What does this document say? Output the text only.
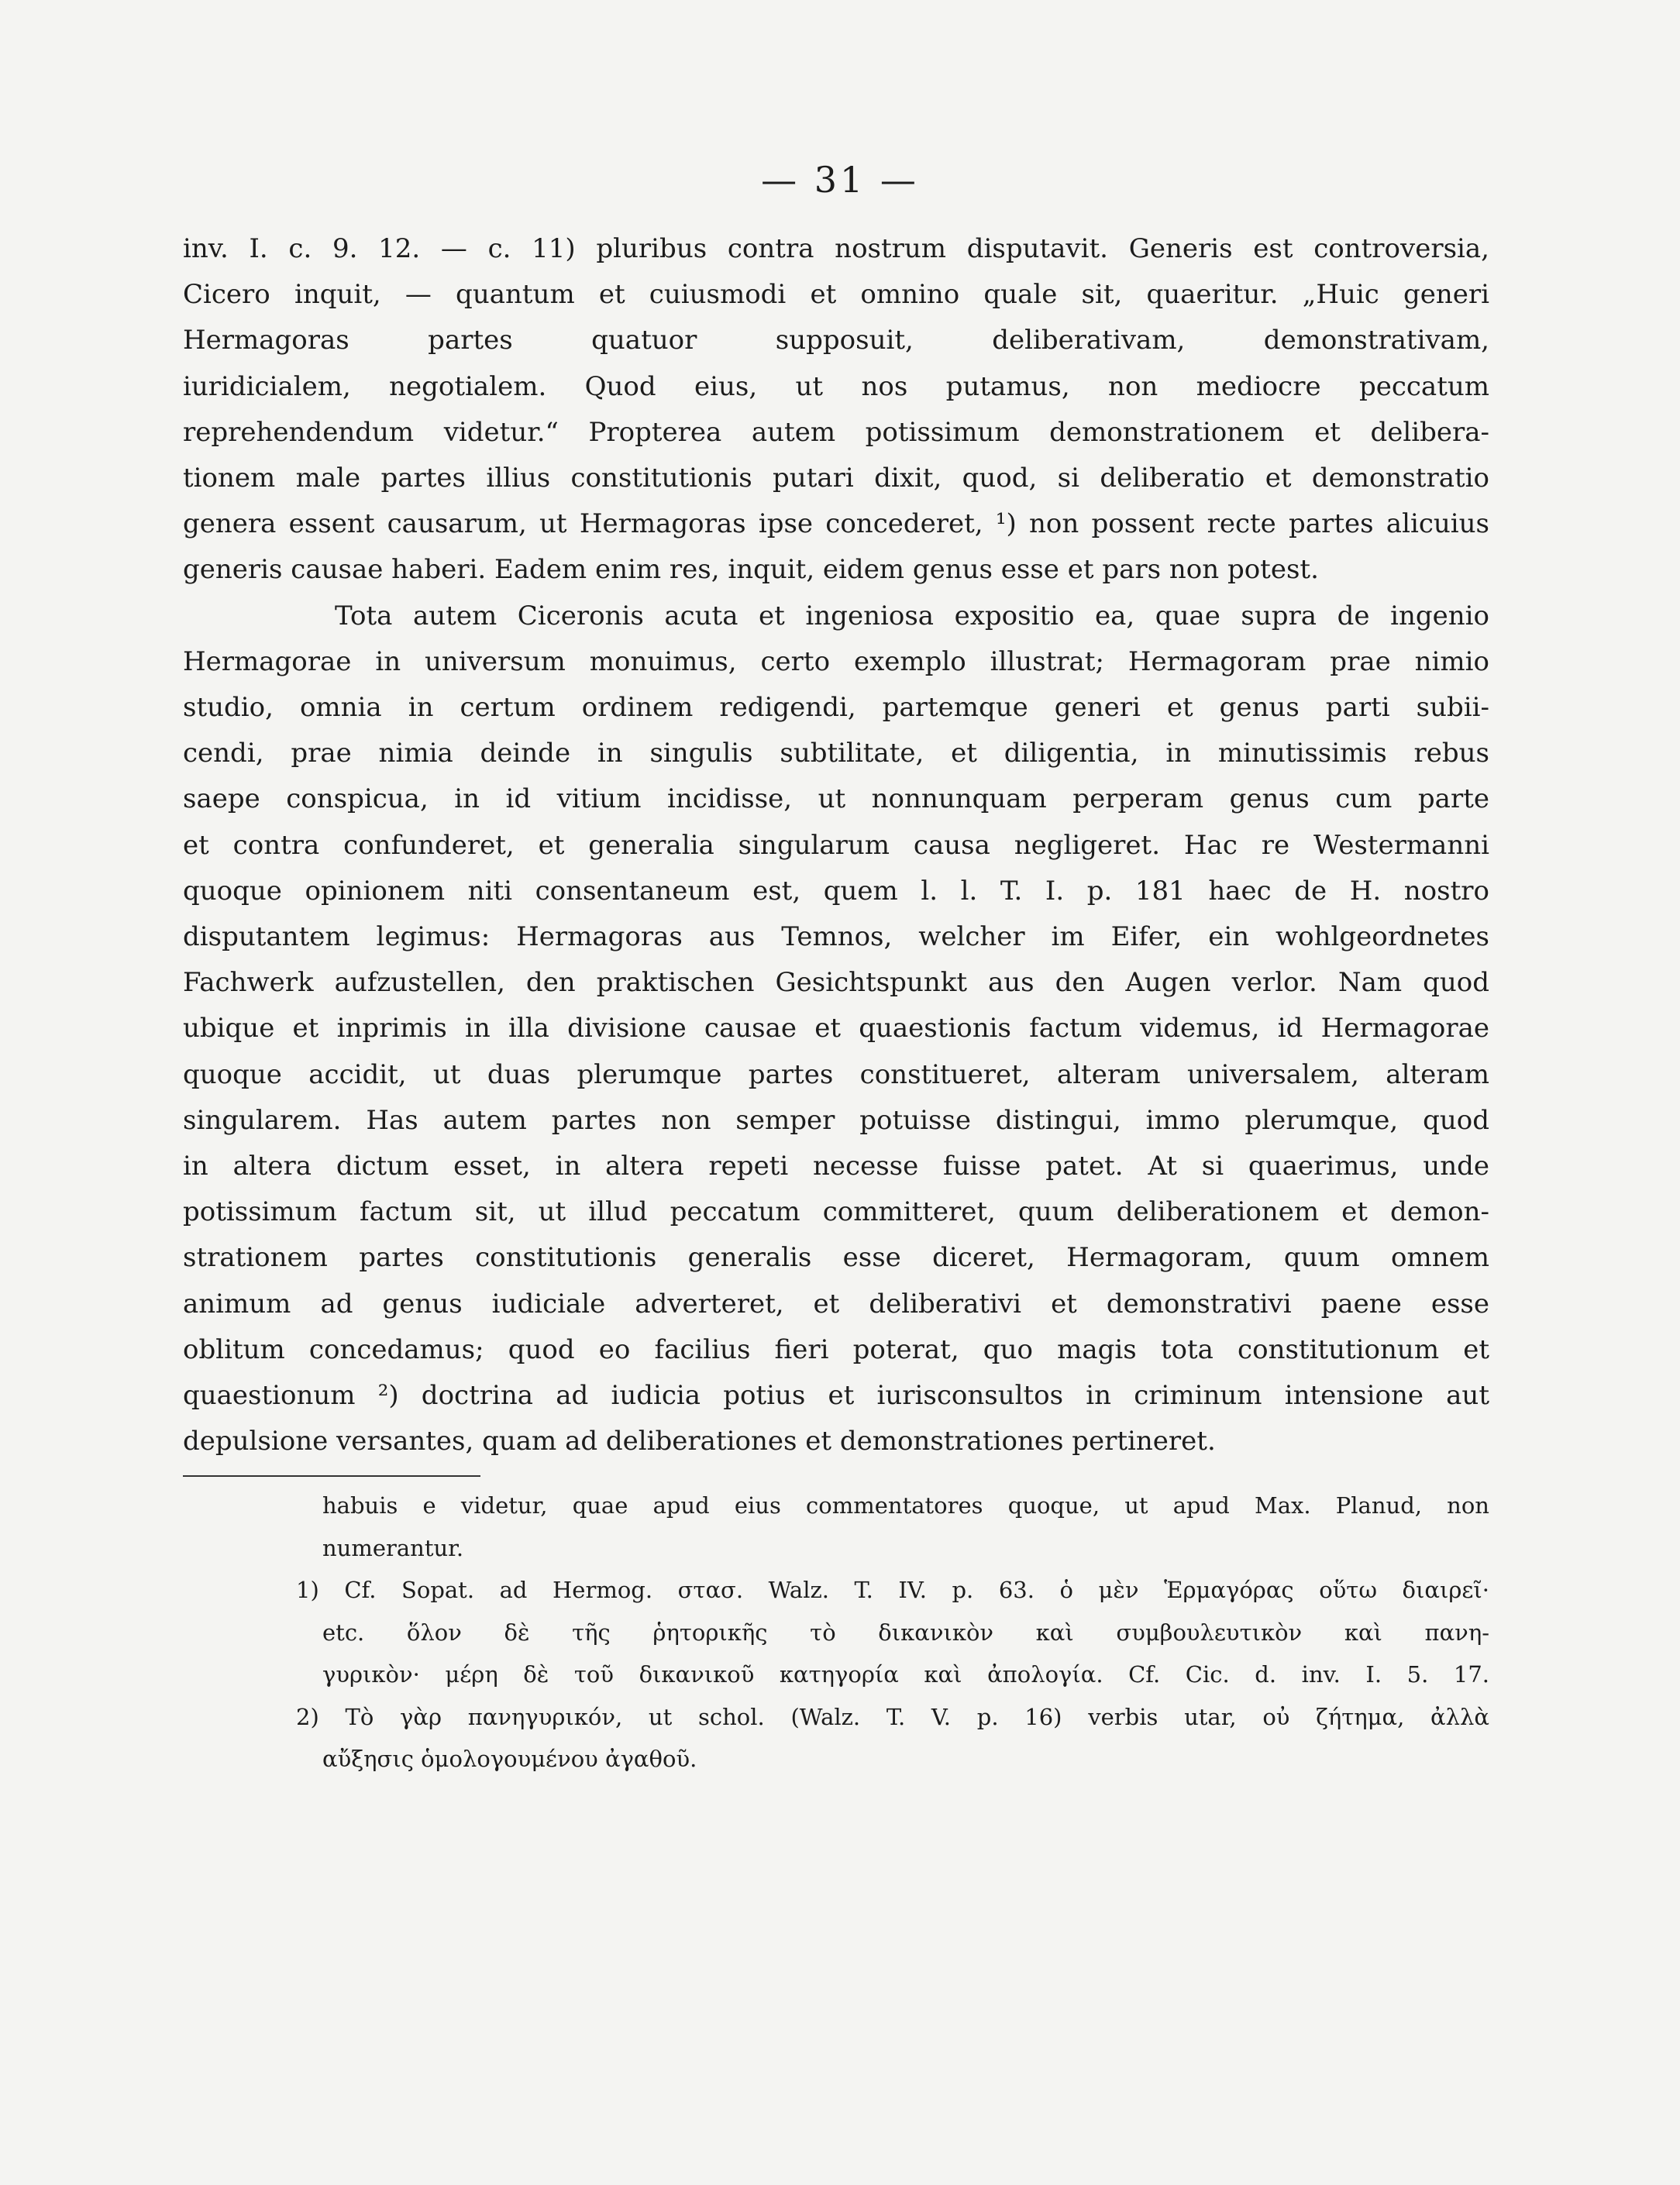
— 31 —
inv. I. c. 9. 12. — c. 11) pluribus contra nostrum disputavit. Generis est controversia,
Cicero inquit, — quantum et cuiusmodi et omnino quale sit, quaeritur. „Huic generi
Hermagoras partes quatuor supposuit, deliberativam, demonstrativam,
iuridicialem, negotialem. Quod eius, ut nos putamus, non mediocre peccatum
reprehendendum videtur.“ Propterea autem potissimum demonstrationem et delibera-
tionem male partes illius constitutionis putari dixit, quod, si deliberatio et demonstratio
genera essent causarum, ut Hermagoras ipse concederet, ¹) non possent recte partes alicuius
generis causae haberi. Eadem enim res, inquit, eidem genus esse et pars non potest.
Tota autem Ciceronis acuta et ingeniosa expositio ea, quae supra de ingenio
Hermagorae in universum monuimus, certo exemplo illustrat; Hermagoram prae nimio
studio, omnia in certum ordinem redigendi, partemque generi et genus parti subii-
cendi, prae nimia deinde in singulis subtilitate, et diligentia, in minutissimis rebus
saepe conspicua, in id vitium incidisse, ut nonnunquam perperam genus cum parte
et contra confunderet, et generalia singularum causa negligeret. Hac re Westermanni
quoque opinionem niti consentaneum est, quem l. l. T. I. p. 181 haec de H. nostro
disputantem legimus: Hermagoras aus Temnos, welcher im Eifer, ein wohlgeordnetes
Fachwerk aufzustellen, den praktischen Gesichtspunkt aus den Augen verlor. Nam quod
ubique et inprimis in illa divisione causae et quaestionis factum videmus, id Hermagorae
quoque accidit, ut duas plerumque partes constitueret, alteram universalem, alteram
singularem. Has autem partes non semper potuisse distingui, immo plerumque, quod
in altera dictum esset, in altera repeti necesse fuisse patet. At si quaerimus, unde
potissimum factum sit, ut illud peccatum committeret, quum deliberationem et demon-
strationem partes constitutionis generalis esse diceret, Hermagoram, quum omnem
animum ad genus iudiciale adverteret, et deliberativi et demonstrativi paene esse
oblitum concedamus; quod eo facilius fieri poterat, quo magis tota constitutionum et
quaestionum ²) doctrina ad iudicia potius et iurisconsultos in criminum intensione aut
depulsione versantes, quam ad deliberationes et demonstrationes pertineret.
habuis e videtur, quae apud eius commentatores quoque, ut apud Max. Planud, non
numerantur.
1) Cf. Sopat. ad Hermog. στασ. Walz. T. IV. p. 63. ὁ μὲν Ἑρμαγόρας οὕτω διαιρεῖ·
etc. ὅλον δὲ τῆς ῥητορικῆς τὸ δικανικὸν καὶ συμβουλευτικὸν καὶ πανη-
γυρικὸν· μέρη δὲ τοῦ δικανικοῦ κατηγορία καὶ ἀπολογία. Cf. Cic. d. inv. I. 5. 17.
2) Τὸ γὰρ πανηγυρικόν, ut schol. (Walz. T. V. p. 16) verbis utar, οὐ ζήτημα, ἀλλὰ
αὔξησις ὁμολογουμένου ἀγαθοῦ.
